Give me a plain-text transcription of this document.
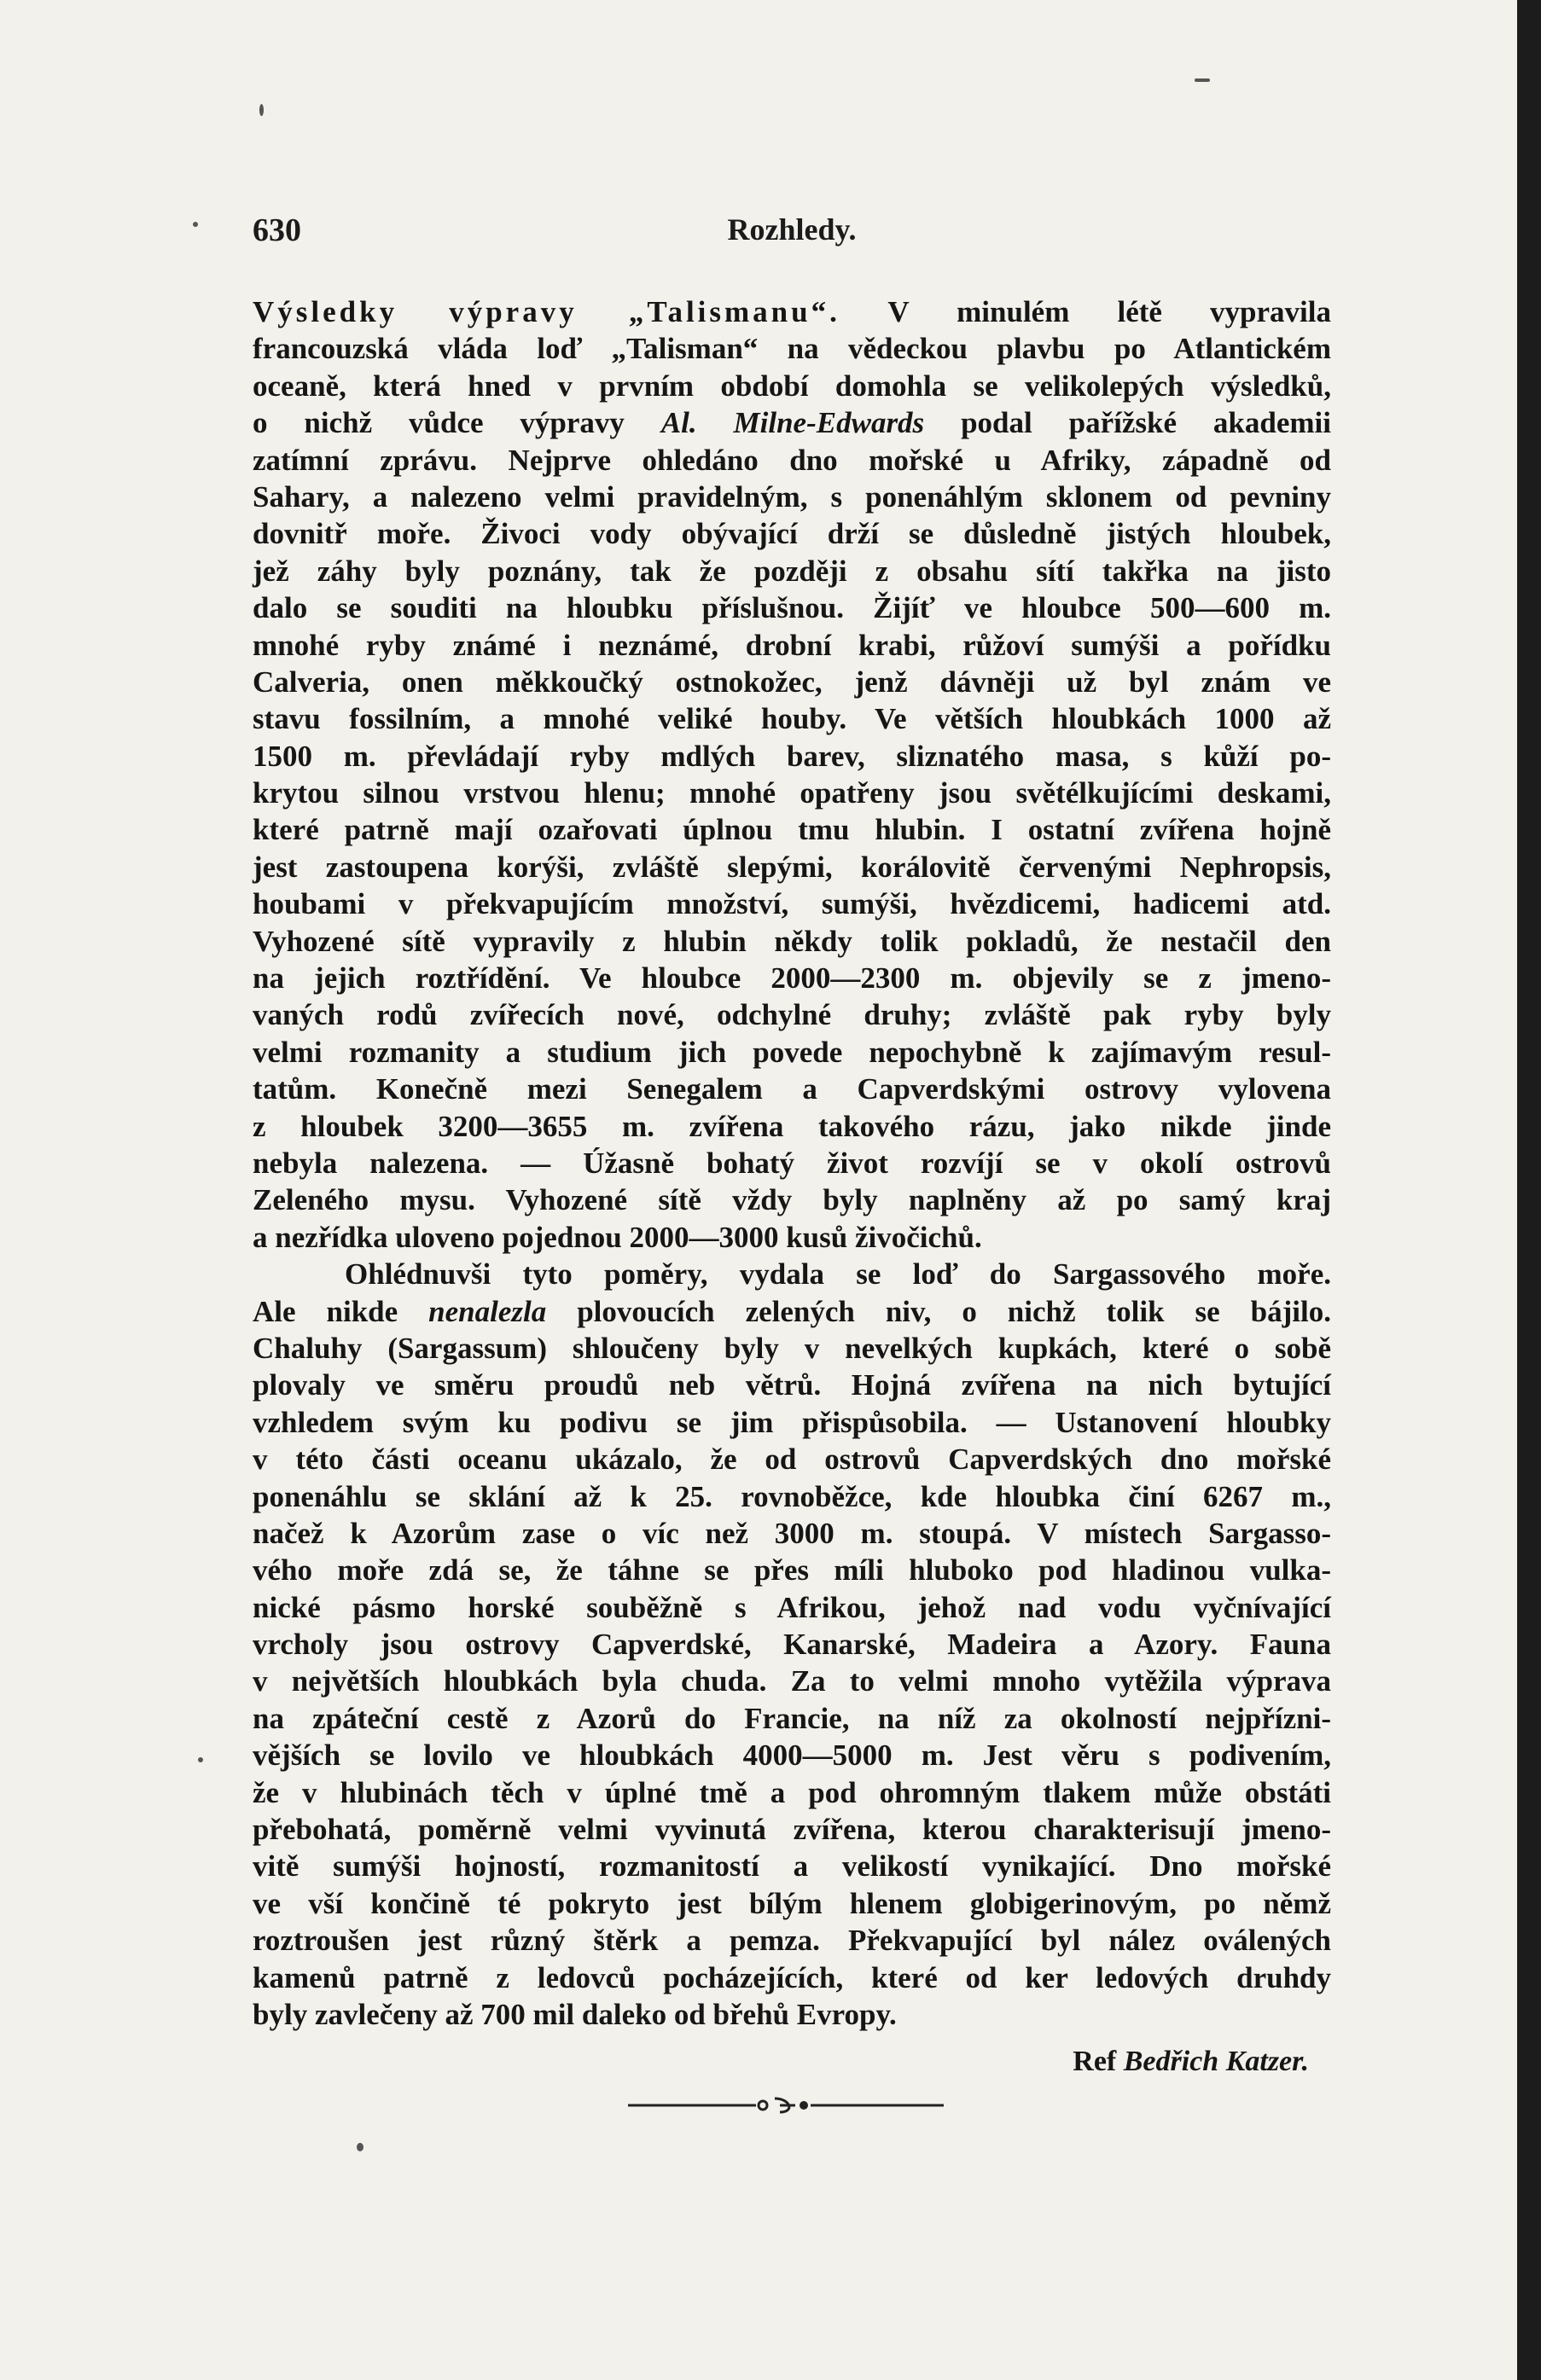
630	Rozhledy.
Výsledky výpravy „Talismanu“. V minulém létě vypravila
francouzská vláda loď „Talisman“ na vědeckou plavbu po Atlantickém
oceaně, která hned v prvním období domohla se velikolepých výsledků,
o nichž vůdce výpravy Al. Milne-Edwards podal pařížské akademii
zatímní zprávu. Nejprve ohledáno dno mořské u Afriky, západně od
Sahary, a nalezeno velmi pravidelným, s ponenáhlým sklonem od pevniny
dovnitř moře. Živoci vody obývající drží se důsledně jistých hloubek,
jež záhy byly poznány, tak že později z obsahu sítí takřka na jisto
dalo se souditi na hloubku příslušnou. Žijíť ve hloubce 500—600 m.
mnohé ryby známé i neznámé, drobní krabi, růžoví sumýši a pořídku
Calveria, onen měkkoučký ostnokožec, jenž dávněji už byl znám ve
stavu fossilním, a mnohé veliké houby. Ve větších hloubkách 1000 až
1500 m. převládají ryby mdlých barev, sliznatého masa, s kůží po-
krytou silnou vrstvou hlenu; mnohé opatřeny jsou světélkujícími deskami,
které patrně mají ozařovati úplnou tmu hlubin. I ostatní zvířena hojně
jest zastoupena korýši, zvláště slepými, korálovitě červenými Nephropsis,
houbami v překvapujícím množství, sumýši, hvězdicemi, hadicemi atd.
Vyhozené sítě vypravily z hlubin někdy tolik pokladů, že nestačil den
na jejich roztřídění. Ve hloubce 2000—2300 m. objevily se z jmeno-
vaných rodů zvířecích nové, odchylné druhy; zvláště pak ryby byly
velmi rozmanity a studium jich povede nepochybně k zajímavým resul-
tatům. Konečně mezi Senegalem a Capverdskými ostrovy vylovena
z hloubek 3200—3655 m. zvířena takového rázu, jako nikde jinde
nebyla nalezena. — Úžasně bohatý život rozvíjí se v okolí ostrovů
Zeleného mysu. Vyhozené sítě vždy byly naplněny až po samý kraj
a nezřídka uloveno pojednou 2000—3000 kusů živočichů.
Ohlédnuvši tyto poměry, vydala se loď do Sargassového moře.
Ale nikde nenalezla plovoucích zelených niv, o nichž tolik se bájilo.
Chaluhy (Sargassum) shloučeny byly v nevelkých kupkách, které o sobě
plovaly ve směru proudů neb větrů. Hojná zvířena na nich bytující
vzhledem svým ku podivu se jim přispůsobila. — Ustanovení hloubky
v této části oceanu ukázalo, že od ostrovů Capverdských dno mořské
ponenáhlu se sklání až k 25. rovnoběžce, kde hloubka činí 6267 m.,
načež k Azorům zase o víc než 3000 m. stoupá. V místech Sargasso-
vého moře zdá se, že táhne se přes míli hluboko pod hladinou vulka-
nické pásmo horské souběžně s Afrikou, jehož nad vodu vyčnívající
vrcholy jsou ostrovy Capverdské, Kanarské, Madeira a Azory. Fauna
v největších hloubkách byla chuda. Za to velmi mnoho vytěžila výprava
na zpáteční cestě z Azorů do Francie, na níž za okolností nejpřízni-
vějších se lovilo ve hloubkách 4000—5000 m. Jest věru s podivením,
že v hlubinách těch v úplné tmě a pod ohromným tlakem může obstáti
přebohatá, poměrně velmi vyvinutá zvířena, kterou charakterisují jmeno-
vitě sumýši hojností, rozmanitostí a velikostí vynikající. Dno mořské
ve vší končině té pokryto jest bílým hlenem globigerinovým, po němž
roztroušen jest různý štěrk a pemza. Překvapující byl nález oválených
kamenů patrně z ledovců pocházejících, které od ker ledových druhdy
byly zavlečeny až 700 mil daleko od břehů Evropy.
Ref Bedřich Katzer.
